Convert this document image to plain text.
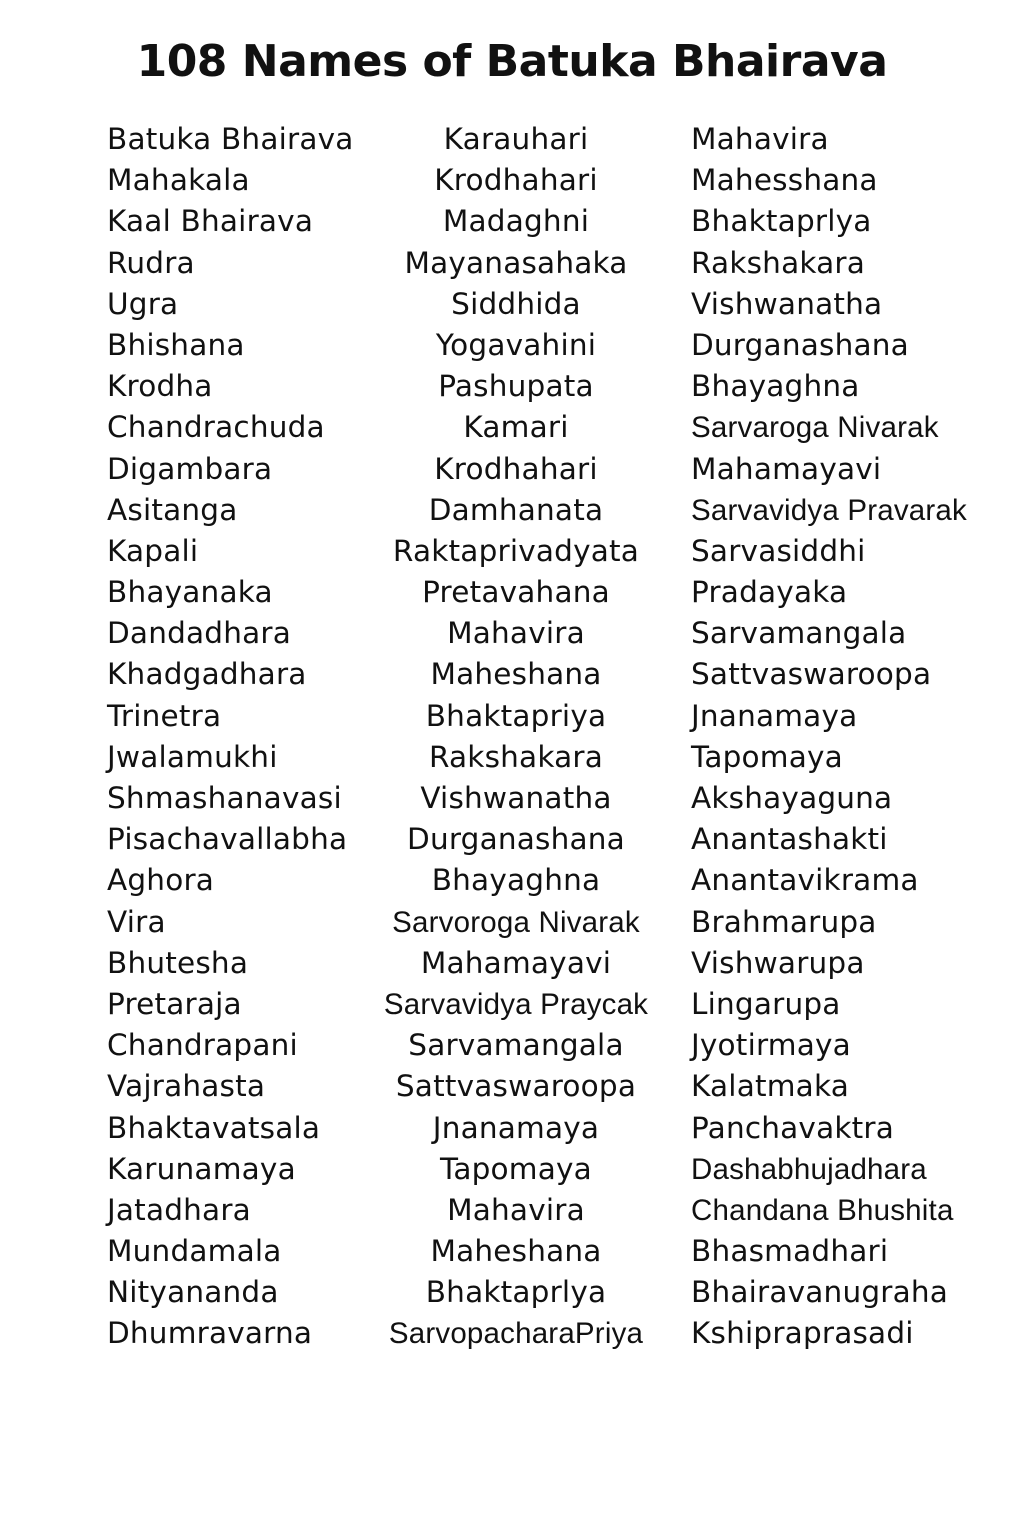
108 Names of Batuka Bhairava
Batuka Bhairava
Mahakala
Kaal Bhairava
Rudra
Ugra
Bhishana
Krodha
Chandrachuda
Digambara
Asitanga
Kapali
Bhayanaka
Dandadhara
Khadgadhara
Trinetra
Jwalamukhi
Shmashanavasi
Pisachavallabha
Aghora
Vira
Bhutesha
Pretaraja
Chandrapani
Vajrahasta
Bhaktavatsala
Karunamaya
Jatadhara
Mundamala
Nityananda
Dhumravarna
Karauhari
Krodhahari
Madaghni
Mayanasahaka
Siddhida
Yogavahini
Pashupata
Kamari
Krodhahari
Damhanata
Raktaprivadyata
Pretavahana
Mahavira
Maheshana
Bhaktapriya
Rakshakara
Vishwanatha
Durganashana
Bhayaghna
Sarvoroga Nivarak
Mahamayavi
Sarvavidya Praycak
Sarvamangala
Sattvaswaroopa
Jnanamaya
Tapomaya
Mahavira
Maheshana
Bhaktaprlya
SarvopacharaPriya
Mahavira
Mahesshana
Bhaktaprlya
Rakshakara
Vishwanatha
Durganashana
Bhayaghna
Sarvaroga Nivarak
Mahamayavi
Sarvavidya Pravarak
Sarvasiddhi
Pradayaka
Sarvamangala
Sattvaswaroopa
Jnanamaya
Tapomaya
Akshayaguna
Anantashakti
Anantavikrama
Brahmarupa
Vishwarupa
Lingarupa
Jyotirmaya
Kalatmaka
Panchavaktra
Dashabhujadhara
Chandana Bhushita
Bhasmadhari
Bhairavanugraha
Kshipraprasadi
